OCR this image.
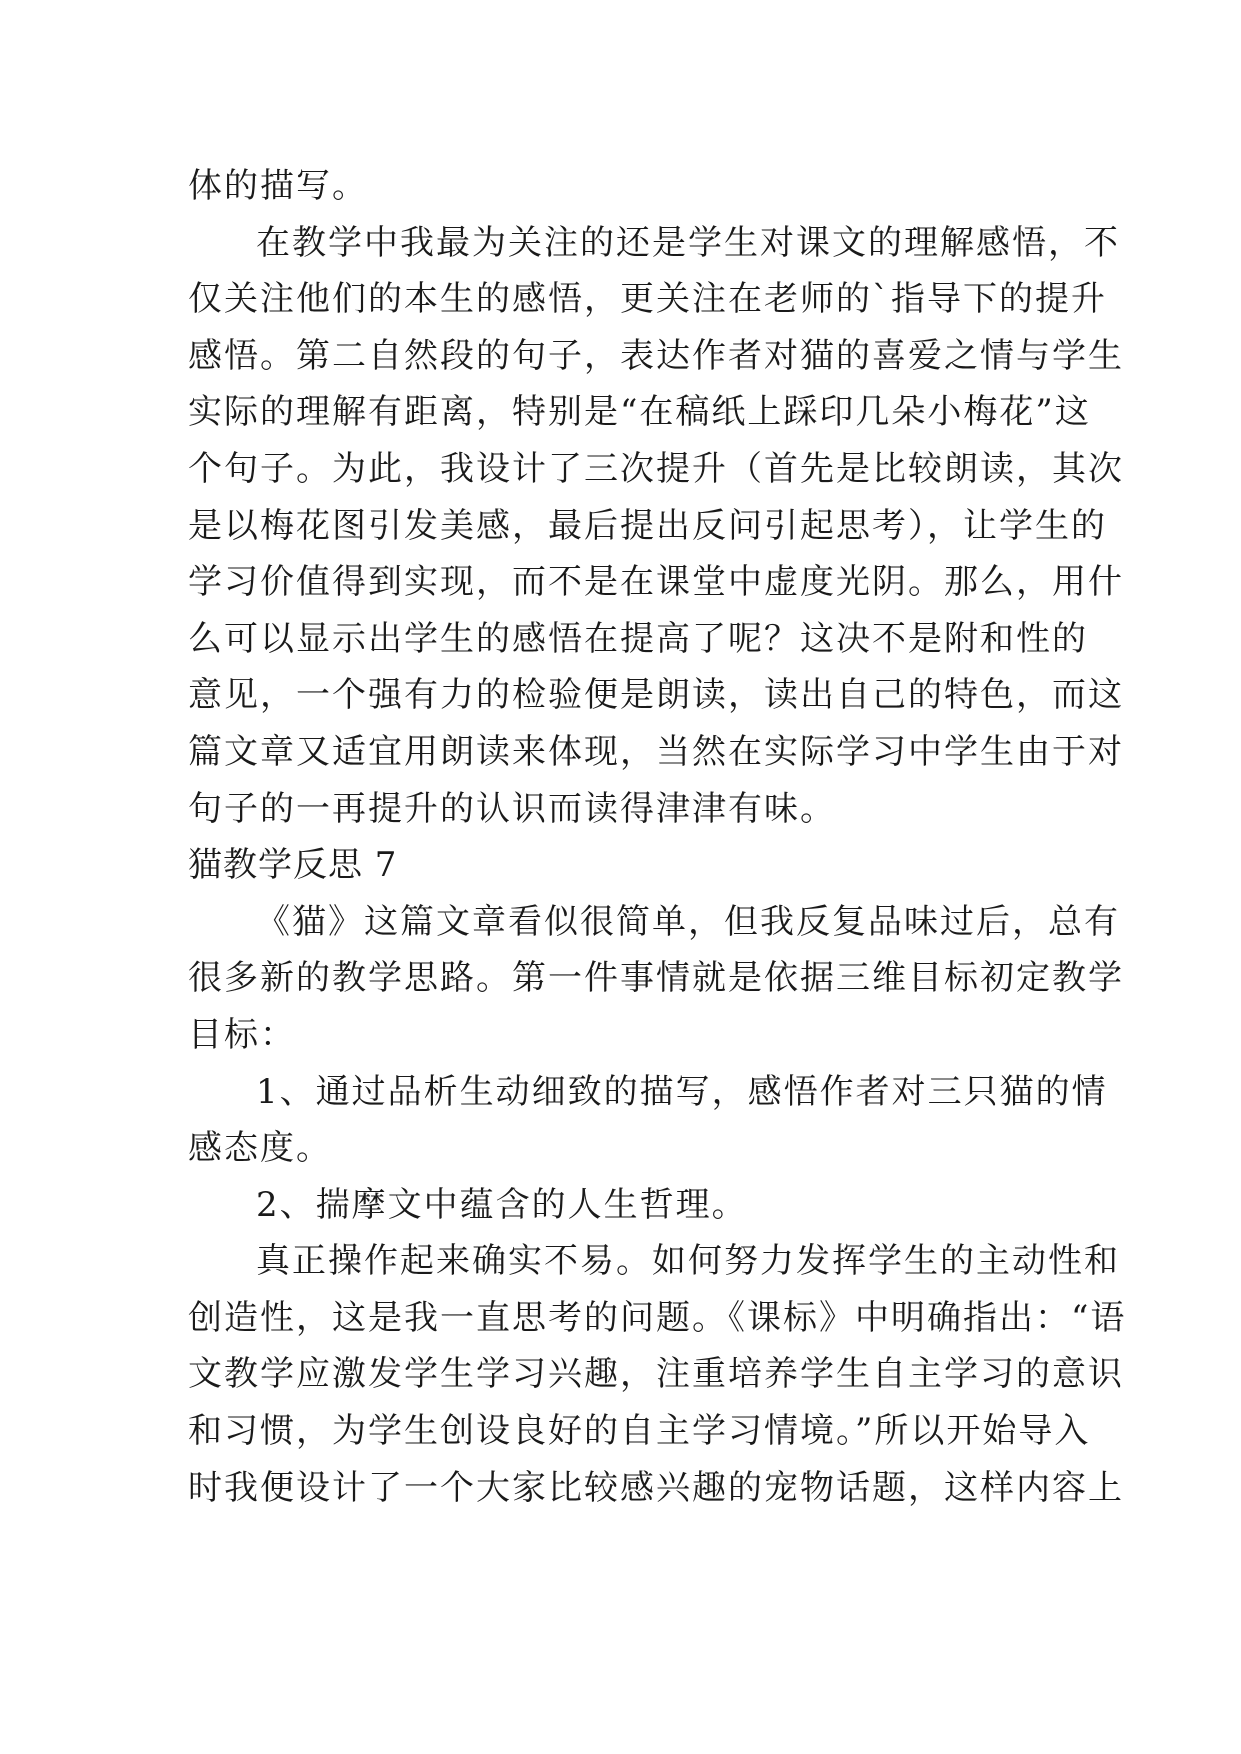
体的描写。
在教学中我最为关注的还是学生对课文的理解感悟，不
仅关注他们的本生的感悟，更关注在老师的`指导下的提升
感悟。第二自然段的句子，表达作者对猫的喜爱之情与学生
实际的理解有距离，特别是“在稿纸上踩印几朵小梅花”这
个句子。为此，我设计了三次提升（首先是比较朗读，其次
是以梅花图引发美感，最后提出反问引起思考），让学生的
学习价值得到实现，而不是在课堂中虚度光阴。那么，用什
么可以显示出学生的感悟在提高了呢？这决不是附和性的
意见，一个强有力的检验便是朗读，读出自己的特色，而这
篇文章又适宜用朗读来体现，当然在实际学习中学生由于对
句子的一再提升的认识而读得津津有味。
猫教学反思 7
《猫》这篇文章看似很简单，但我反复品味过后，总有
很多新的教学思路。第一件事情就是依据三维目标初定教学
目标：
1、通过品析生动细致的描写，感悟作者对三只猫的情
感态度。
2、揣摩文中蕴含的人生哲理。
真正操作起来确实不易。如何努力发挥学生的主动性和
创造性，这是我一直思考的问题。《课标》中明确指出：“语
文教学应激发学生学习兴趣，注重培养学生自主学习的意识
和习惯，为学生创设良好的自主学习情境。”所以开始导入
时我便设计了一个大家比较感兴趣的宠物话题，这样内容上
